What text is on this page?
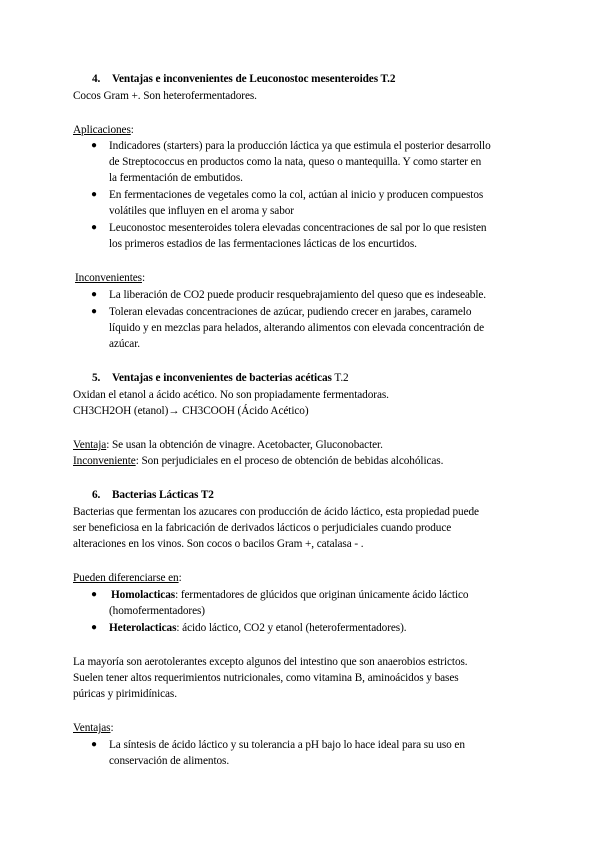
4. Ventajas e inconvenientes de Leuconostoc mesenteroides T.2
Cocos Gram +. Son heterofermentadores.
Aplicaciones:
● Indicadores (starters) para la producción láctica ya que estimula el posterior desarrollo
de Streptococcus en productos como la nata, queso o mantequilla. Y como starter en
la fermentación de embutidos.
● En fermentaciones de vegetales como la col, actúan al inicio y producen compuestos
volátiles que influyen en el aroma y sabor
● Leuconostoc mesenteroides tolera elevadas concentraciones de sal por lo que resisten
los primeros estadios de las fermentaciones lácticas de los encurtidos.
Inconvenientes:
● La liberación de CO2 puede producir resquebrajamiento del queso que es indeseable.
● Toleran elevadas concentraciones de azúcar, pudiendo crecer en jarabes, caramelo
líquido y en mezclas para helados, alterando alimentos con elevada concentración de
azúcar.
5. Ventajas e inconvenientes de bacterias acéticas T.2
Oxidan el etanol a ácido acético. No son propiadamente fermentadoras.
CH3CH2OH (etanol)→ CH3COOH (Ácido Acético)
Ventaja: Se usan la obtención de vinagre. Acetobacter, Gluconobacter.
Inconveniente: Son perjudiciales en el proceso de obtención de bebidas alcohólicas.
6. Bacterias Lácticas T2
Bacterias que fermentan los azucares con producción de ácido láctico, esta propiedad puede
ser beneficiosa en la fabricación de derivados lácticos o perjudiciales cuando produce
alteraciones en los vinos. Son cocos o bacilos Gram +, catalasa - .
Pueden diferenciarse en:
● Homolacticas: fermentadores de glúcidos que originan únicamente ácido láctico
(homofermentadores)
● Heterolacticas: ácido láctico, CO2 y etanol (heterofermentadores).
La mayoría son aerotolerantes excepto algunos del intestino que son anaerobios estrictos.
Suelen tener altos requerimientos nutricionales, como vitamina B, aminoácidos y bases
púricas y pirimidínicas.
Ventajas:
● La síntesis de ácido láctico y su tolerancia a pH bajo lo hace ideal para su uso en
conservación de alimentos.
